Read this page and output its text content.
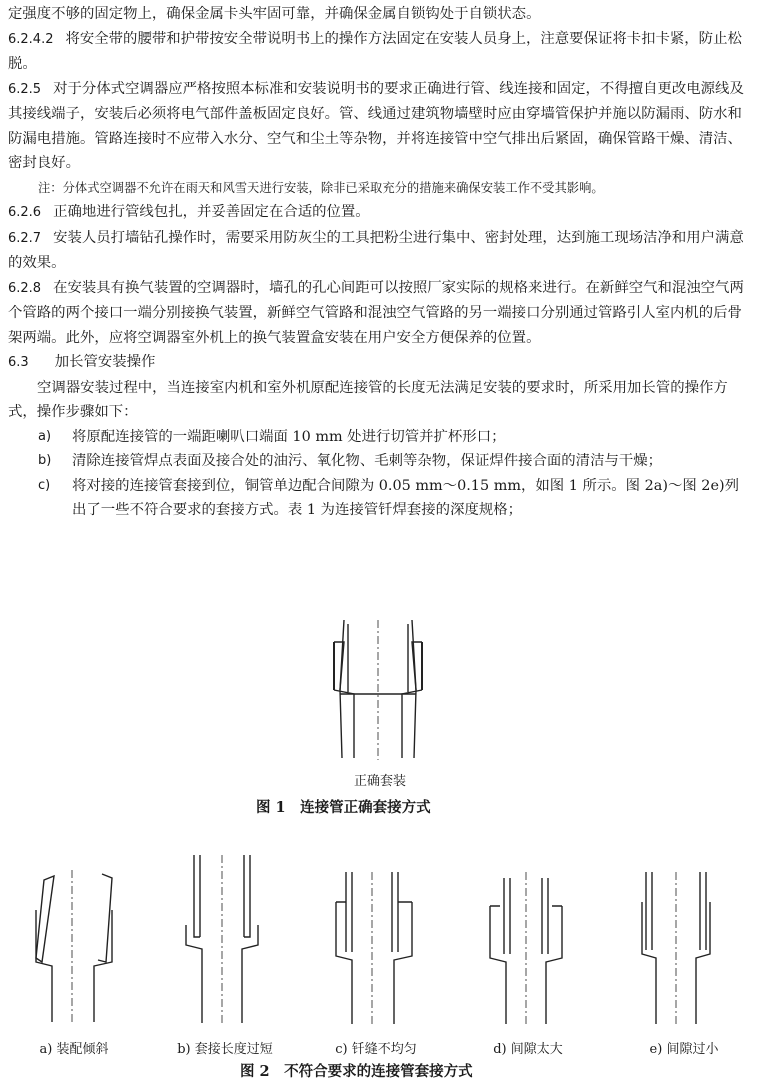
定强度不够的固定物上，确保金属卡头牢固可靠，并确保金属自锁钩处于自锁状态。

6.2.4.2 将安全带的腰带和护带按安全带说明书上的操作方法固定在安装人员身上，注意要保证将卡扣卡紧，防止松脱。

6.2.5 对于分体式空调器应严格按照本标准和安装说明书的要求正确进行管、线连接和固定，不得擅自更改电源线及其接线端子，安装后必须将电气部件盖板固定良好。管、线通过建筑物墙壁时应由穿墙管保护并施以防漏雨、防水和防漏电措施。管路连接时不应带入水分、空气和尘土等杂物，并将连接管中空气排出后紧固，确保管路干燥、清洁、密封良好。

注：分体式空调器不允许在雨天和风雪天进行安装，除非已采取充分的措施来确保安装工作不受其影响。

6.2.6 正确地进行管线包扎，并妥善固定在合适的位置。

6.2.7 安装人员打墙钻孔操作时，需要采用防灰尘的工具把粉尘进行集中、密封处理，达到施工现场洁净和用户满意的效果。

6.2.8 在安装具有换气装置的空调器时，墙孔的孔心间距可以按照厂家实际的规格来进行。在新鲜空气和混浊空气两个管路的两个接口一端分别接换气装置，新鲜空气管路和混浊空气管路的另一端接口分别通过管路引人室内机的后骨架两端。此外，应将空调器室外机上的换气装置盒安装在用户安全方便保养的位置。

6.3 加长管安装操作

空调器安装过程中，当连接室内机和室外机原配连接管的长度无法满足安装的要求时，所采用加长管的操作方式，操作步骤如下：

a) 将原配连接管的一端距喇叭口端面 10 mm 处进行切管并扩杯形口；

b) 清除连接管焊点表面及接合处的油污、氧化物、毛刺等杂物，保证焊件接合面的清洁与干燥；

c) 将对接的连接管套接到位，铜管单边配合间隙为 0.05 mm～0.15 mm，如图 1 所示。图 2a)～图 2e)列出了一些不符合要求的套接方式。表 1 为连接管钎焊套接的深度规格；

正确套装
图 1　连接管正确套接方式
a) 装配倾斜	b) 套接长度过短	c) 钎缝不均匀	d) 间隙太大	e) 间隙过小
图 2　不符合要求的连接管套接方式
